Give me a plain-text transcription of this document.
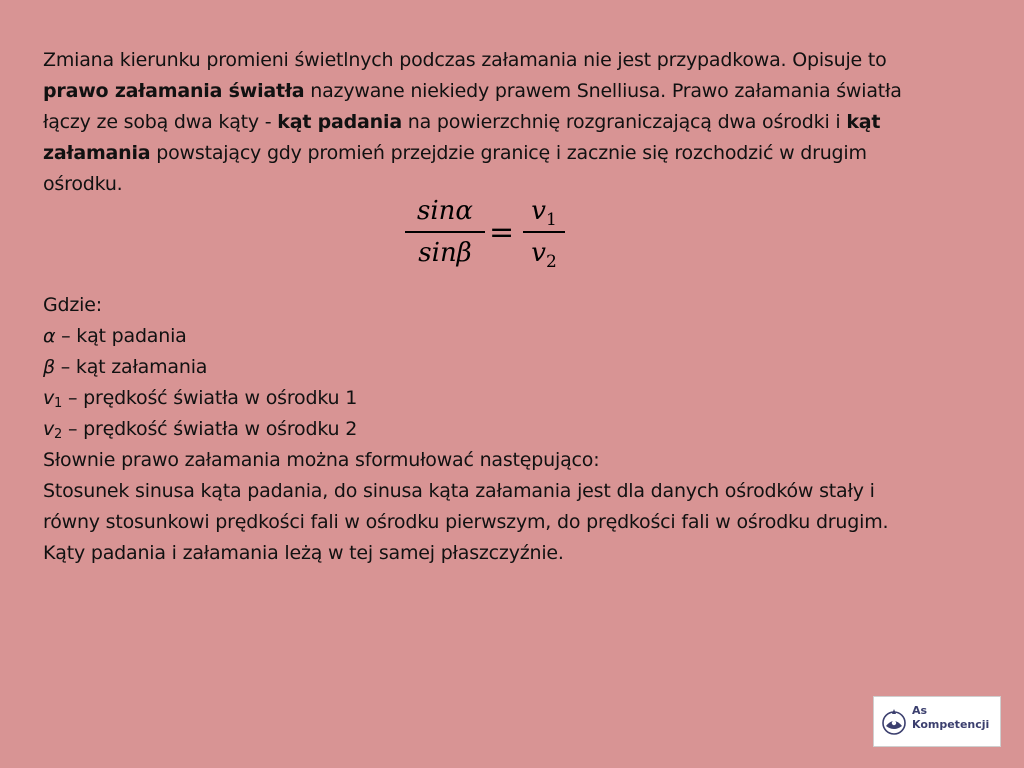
Zmiana kierunku promieni świetlnych podczas załamania nie jest przypadkowa. Opisuje to
prawo załamania światła nazywane niekiedy prawem Snelliusa. Prawo załamania światła
łączy ze sobą dwa kąty - kąt padania na powierzchnię rozgraniczającą dwa ośrodki i kąt
załamania powstający gdy promień przejdzie granicę i zacznie się rozchodzić w drugim
ośrodku.
sinα
sinβ
=
$v_1$
$v_2$
Gdzie:
α – kąt padania
β – kąt załamania
$v_1$ – prędkość światła w ośrodku 1
$v_2$ – prędkość światła w ośrodku 2
Słownie prawo załamania można sformułować następująco:
Stosunek sinusa kąta padania, do sinusa kąta załamania jest dla danych ośrodków stały i
równy stosunkowi prędkości fali w ośrodku pierwszym, do prędkości fali w ośrodku drugim.
Kąty padania i załamania leżą w tej samej płaszczyźnie.
As
Kompetencji
